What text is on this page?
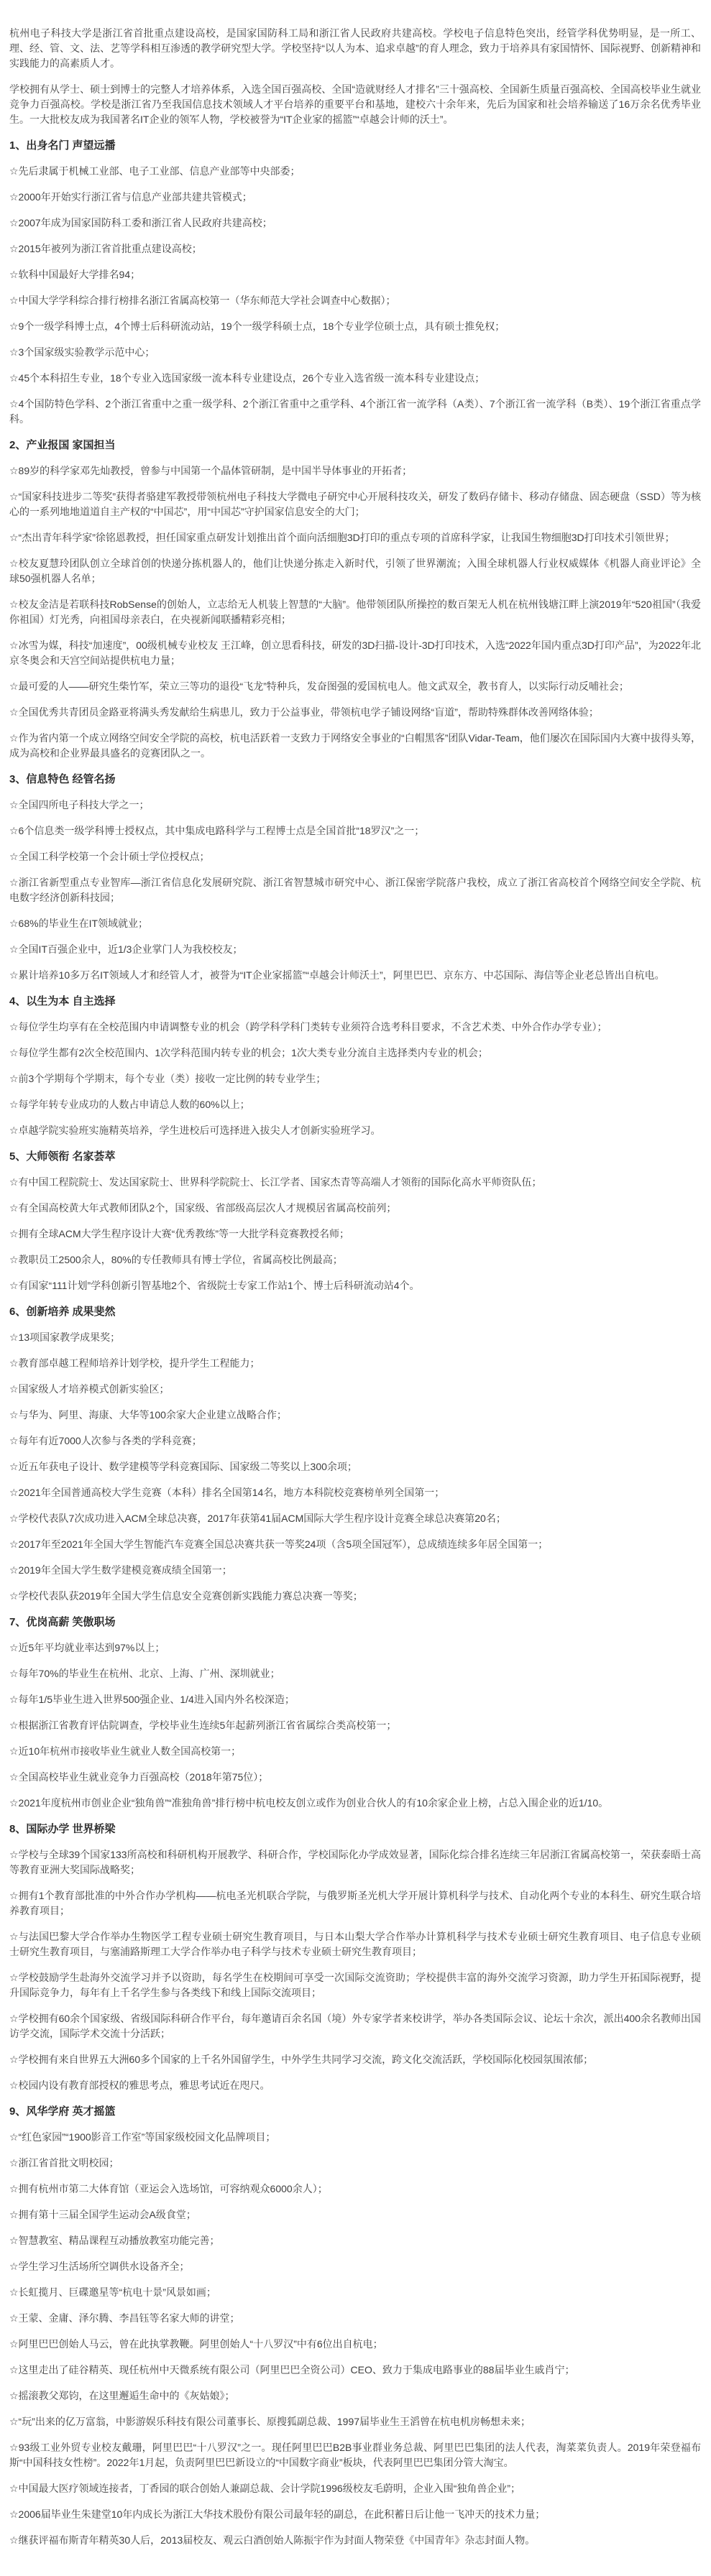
杭州电子科技大学是浙江省首批重点建设高校，是国家国防科工局和浙江省人民政府共建高校。学校电子信息特色突出，经管学科优势明显，是一所工、理、经、管、文、法、艺等学科相互渗透的教学研究型大学。学校坚持“以人为本、追求卓越”的育人理念，致力于培养具有家国情怀、国际视野、创新精神和实践能力的高素质人才。

学校拥有从学士、硕士到博士的完整人才培养体系，入选全国百强高校、全国“造就财经人才排名”三十强高校、全国新生质量百强高校、全国高校毕业生就业竞争力百强高校。学校是浙江省乃至我国信息技术领域人才平台培养的重要平台和基地，建校六十余年来，先后为国家和社会培养输送了16万余名优秀毕业生。一大批校友成为我国著名IT企业的领军人物，学校被誉为“IT企业家的摇篮”“卓越会计师的沃土”。

1、出身名门 声望远播

☆先后隶属于机械工业部、电子工业部、信息产业部等中央部委；

☆2000年开始实行浙江省与信息产业部共建共管模式；

☆2007年成为国家国防科工委和浙江省人民政府共建高校；

☆2015年被列为浙江省首批重点建设高校；

☆软科中国最好大学排名94；

☆中国大学学科综合排行榜排名浙江省属高校第一（华东师范大学社会调查中心数据）；

☆9个一级学科博士点，4个博士后科研流动站，19个一级学科硕士点，18个专业学位硕士点，具有硕士推免权；

☆3个国家级实验教学示范中心；

☆45个本科招生专业，18个专业入选国家级一流本科专业建设点，26个专业入选省级一流本科专业建设点；

☆4个国防特色学科、2个浙江省重中之重一级学科、2个浙江省重中之重学科、4个浙江省一流学科（A类）、7个浙江省一流学科（B类）、19个浙江省重点学科。

2、产业报国 家国担当

☆89岁的科学家邓先灿教授，曾参与中国第一个晶体管研制，是中国半导体事业的开拓者；

☆“国家科技进步二等奖”获得者骆建军教授带领杭州电子科技大学微电子研究中心开展科技攻关，研发了数码存储卡、移动存储盘、固态硬盘（SSD）等为核心的一系列地地道道自主产权的“中国芯”，用“中国芯”守护国家信息安全的大门；

☆“杰出青年科学家”徐铭恩教授，担任国家重点研发计划推出首个面向活细胞3D打印的重点专项的首席科学家，让我国生物细胞3D打印技术引领世界；

☆校友夏慧玲团队创立全球首创的快递分拣机器人的，他们让快递分拣走入新时代，引领了世界潮流；入围全球机器人行业权威媒体《机器人商业评论》全球50强机器人名单；

☆校友金洁是若联科技RobSense的创始人，立志给无人机装上智慧的“大脑”。他带领团队所操控的数百架无人机在杭州钱塘江畔上演2019年“520祖国”（我爱你祖国）灯光秀，向祖国母亲表白，在央视新闻联播精彩亮相；

☆冰雪为媒，科技“加速度”，00级机械专业校友 王江峰，创立思看科技，研发的3D扫描-设计-3D打印技术，入选“2022年国内重点3D打印产品”，为2022年北京冬奥会和天宫空间站提供杭电力量；

☆最可爱的人——研究生柴竹军，荣立三等功的退役“飞龙”特种兵，发奋图强的爱国杭电人。他文武双全，教书育人，以实际行动反哺社会；

☆全国优秀共青团员金路亚将满头秀发献给生病患儿，致力于公益事业，带领杭电学子铺设网络“盲道”，帮助特殊群体改善网络体验；

☆作为省内第一个成立网络空间安全学院的高校，杭电活跃着一支致力于网络安全事业的“白帽黑客”团队Vidar-Team，他们屡次在国际国内大赛中拔得头筹，成为高校和企业界最具盛名的竞赛团队之一。

3、信息特色 经管名扬

☆全国四所电子科技大学之一；

☆6个信息类一级学科博士授权点，其中集成电路科学与工程博士点是全国首批“18罗汉”之一；

☆全国工科学校第一个会计硕士学位授权点；

☆浙江省新型重点专业智库—浙江省信息化发展研究院、浙江省智慧城市研究中心、浙江保密学院落户我校，成立了浙江省高校首个网络空间安全学院、杭电数字经济创新科技园；

☆68%的毕业生在IT领域就业；

☆全国IT百强企业中，近1/3企业掌门人为我校校友；

☆累计培养10多万名IT领域人才和经管人才，被誉为“IT企业家摇篮”“卓越会计师沃土”，阿里巴巴、京东方、中芯国际、海信等企业老总皆出自杭电。

4、以生为本 自主选择

☆每位学生均享有在全校范围内申请调整专业的机会（跨学科学科门类转专业须符合选考科目要求，不含艺术类、中外合作办学专业）；

☆每位学生都有2次全校范围内、1次学科范围内转专业的机会；1次大类专业分流自主选择类内专业的机会；

☆前3个学期每个学期末，每个专业（类）接收一定比例的转专业学生；

☆每学年转专业成功的人数占申请总人数的60%以上；

☆卓越学院实验班实施精英培养，学生进校后可选择进入拔尖人才创新实验班学习。

5、大师领衔 名家荟萃

☆有中国工程院院士、发达国家院士、世界科学院院士、长江学者、国家杰青等高端人才领衔的国际化高水平师资队伍；

☆有全国高校黄大年式教师团队2个，国家级、省部级高层次人才规模居省属高校前列；

☆拥有全球ACM大学生程序设计大赛“优秀教练”等一大批学科竞赛教授名师；

☆教职员工2500余人，80%的专任教师具有博士学位，省属高校比例最高；

☆有国家“111计划”学科创新引智基地2个、省级院士专家工作站1个、博士后科研流动站4个。

6、创新培养 成果斐然

☆13项国家教学成果奖；

☆教育部卓越工程师培养计划学校，提升学生工程能力；

☆国家级人才培养模式创新实验区；

☆与华为、阿里、海康、大华等100余家大企业建立战略合作；

☆每年有近7000人次参与各类的学科竞赛；

☆近五年获电子设计、数学建模等学科竞赛国际、国家级二等奖以上300余项；

☆2021年全国普通高校大学生竞赛（本科）排名全国第14名，地方本科院校竞赛榜单列全国第一；

☆学校代表队7次成功进入ACM全球总决赛，2017年获第41届ACM国际大学生程序设计竞赛全球总决赛第20名；

☆2017年至2021年全国大学生智能汽车竞赛全国总决赛共获一等奖24项（含5项全国冠军），总成绩连续多年居全国第一；

☆2019年全国大学生数学建模竞赛成绩全国第一；

☆学校代表队获2019年全国大学生信息安全竞赛创新实践能力赛总决赛一等奖；

7、优岗高薪 笑傲职场

☆近5年平均就业率达到97%以上；

☆每年70%的毕业生在杭州、北京、上海、广州、深圳就业；

☆每年1/5毕业生进入世界500强企业、1/4进入国内外名校深造；

☆根据浙江省教育评估院调查，学校毕业生连续5年起薪列浙江省省属综合类高校第一；

☆近10年杭州市接收毕业生就业人数全国高校第一；

☆全国高校毕业生就业竞争力百强高校（2018年第75位）；

☆2021年度杭州市创业企业“独角兽”“准独角兽”排行榜中杭电校友创立或作为创业合伙人的有10余家企业上榜，占总入围企业的近1/10。

8、国际办学 世界桥梁

☆学校与全球39个国家133所高校和科研机构开展教学、科研合作，学校国际化办学成效显著，国际化综合排名连续三年居浙江省属高校第一，荣获泰晤士高等教育亚洲大奖国际战略奖；

☆拥有1个教育部批准的中外合作办学机构——杭电圣光机联合学院，与俄罗斯圣光机大学开展计算机科学与技术、自动化两个专业的本科生、研究生联合培养教育项目；

☆与法国巴黎大学合作举办生物医学工程专业硕士研究生教育项目，与日本山梨大学合作举办计算机科学与技术专业硕士研究生教育项目、电子信息专业硕士研究生教育项目，与塞浦路斯理工大学合作举办电子科学与技术专业硕士研究生教育项目；

☆学校鼓励学生赴海外交流学习并予以资助，每名学生在校期间可享受一次国际交流资助；学校提供丰富的海外交流学习资源，助力学生开拓国际视野，提升国际竞争力，每年有上千名学生参与各类线下和线上国际交流项目；

☆学校拥有60余个国家级、省级国际科研合作平台，每年邀请百余名国（境）外专家学者来校讲学，举办各类国际会议、论坛十余次，派出400余名教师出国访学交流，国际学术交流十分活跃；

☆学校拥有来自世界五大洲60多个国家的上千名外国留学生，中外学生共同学习交流，跨文化交流活跃，学校国际化校园氛围浓郁；

☆校园内设有教育部授权的雅思考点，雅思考试近在咫尺。

9、风华学府 英才摇篮

☆“红色家园”“1900影音工作室”等国家级校园文化品牌项目；

☆浙江省首批文明校园；

☆拥有杭州市第二大体育馆（亚运会入选场馆，可容纳观众6000余人）；

☆拥有第十三届全国学生运动会A级食堂；

☆智慧教室、精品课程互动播放教室功能完善；

☆学生学习生活场所空调供水设备齐全；

☆长虹揽月、巨碟邀星等“杭电十景”风景如画；

☆王蒙、金庸、泽尔腾、李昌钰等名家大师的讲堂；

☆阿里巴巴创始人马云，曾在此执掌教鞭。阿里创始人“十八罗汉”中有6位出自杭电；

☆这里走出了硅谷精英、现任杭州中天微系统有限公司（阿里巴巴全资公司）CEO、致力于集成电路事业的88届毕业生戚肖宁；

☆摇滚教父郑钧，在这里邂逅生命中的《灰姑娘》；

☆“玩”出来的亿万富翁，中影游娱乐科技有限公司董事长、原搜狐副总裁、1997届毕业生王滔曾在杭电机房畅想未来；

☆93级工业外贸专业校友戴珊，阿里巴巴“十八罗汉”之一。现任阿里巴巴B2B事业群业务总裁、阿里巴巴集团的法人代表，淘菜菜负责人。2019年荣登福布斯“中国科技女性榜”。2022年1月起，负责阿里巴巴新设立的“中国数字商业”板块，代表阿里巴巴集团分管大淘宝。

☆中国最大医疗领域连接者，丁香园的联合创始人兼副总裁、会计学院1996级校友毛蔚明，企业入围“独角兽企业”；

☆2006届毕业生朱建堂10年内成长为浙江大华技术股份有限公司最年轻的副总，在此积蓄日后让他一飞冲天的技术力量；

☆继获评福布斯青年精英30人后，2013届校友、观云白酒创始人陈振宇作为封面人物荣登《中国青年》杂志封面人物。
